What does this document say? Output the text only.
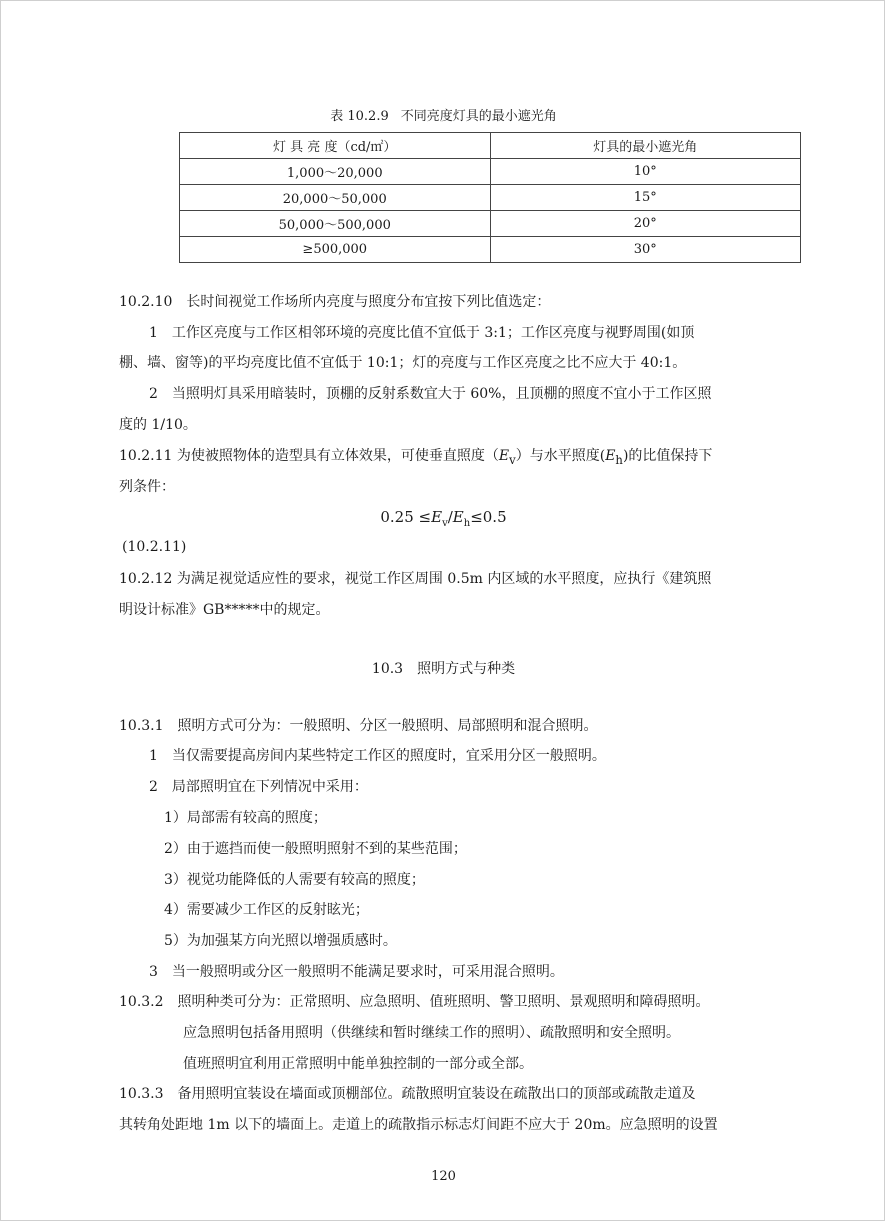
表 10.2.9 不同亮度灯具的最小遮光角
灯 具 亮 度（cd/㎡）	灯具的最小遮光角
1,000～20,000	10°
20,000～50,000	15°
50,000～500,000	20°
≥500,000	30°
10.2.10　长时间视觉工作场所内亮度与照度分布宜按下列比值选定：
1　工作区亮度与工作区相邻环境的亮度比值不宜低于 3:1；工作区亮度与视野周围(如顶
棚、墙、窗等)的平均亮度比值不宜低于 10:1；灯的亮度与工作区亮度之比不应大于 40:1。
2　当照明灯具采用暗装时，顶棚的反射系数宜大于 60%，且顶棚的照度不宜小于工作区照
度的 1/10。
10.2.11 为使被照物体的造型具有立体效果，可使垂直照度$(E_v)$与水平照度$(E_h)$的比值保持下
列条件：
$0.25 \le E_v/E_h\le 0.5$
(10.2.11)
10.2.12 为满足视觉适应性的要求，视觉工作区周围 0.5m 内区域的水平照度，应执行《建筑照
明设计标准》GB*****中的规定。
10.3 照明方式与种类
10.3.1　照明方式可分为：一般照明、分区一般照明、局部照明和混合照明。
1　当仅需要提高房间内某些特定工作区的照度时，宜采用分区一般照明。
2　局部照明宜在下列情况中采用：
1）局部需有较高的照度；
2）由于遮挡而使一般照明照射不到的某些范围；
3）视觉功能降低的人需要有较高的照度；
4）需要减少工作区的反射眩光；
5）为加强某方向光照以增强质感时。
3　当一般照明或分区一般照明不能满足要求时，可采用混合照明。
10.3.2　照明种类可分为：正常照明、应急照明、值班照明、警卫照明、景观照明和障碍照明。
应急照明包括备用照明（供继续和暂时继续工作的照明）、疏散照明和安全照明。
值班照明宜利用正常照明中能单独控制的一部分或全部。
10.3.3　备用照明宜装设在墙面或顶棚部位。疏散照明宜装设在疏散出口的顶部或疏散走道及
其转角处距地 1m 以下的墙面上。走道上的疏散指示标志灯间距不应大于 20m。应急照明的设置
120
